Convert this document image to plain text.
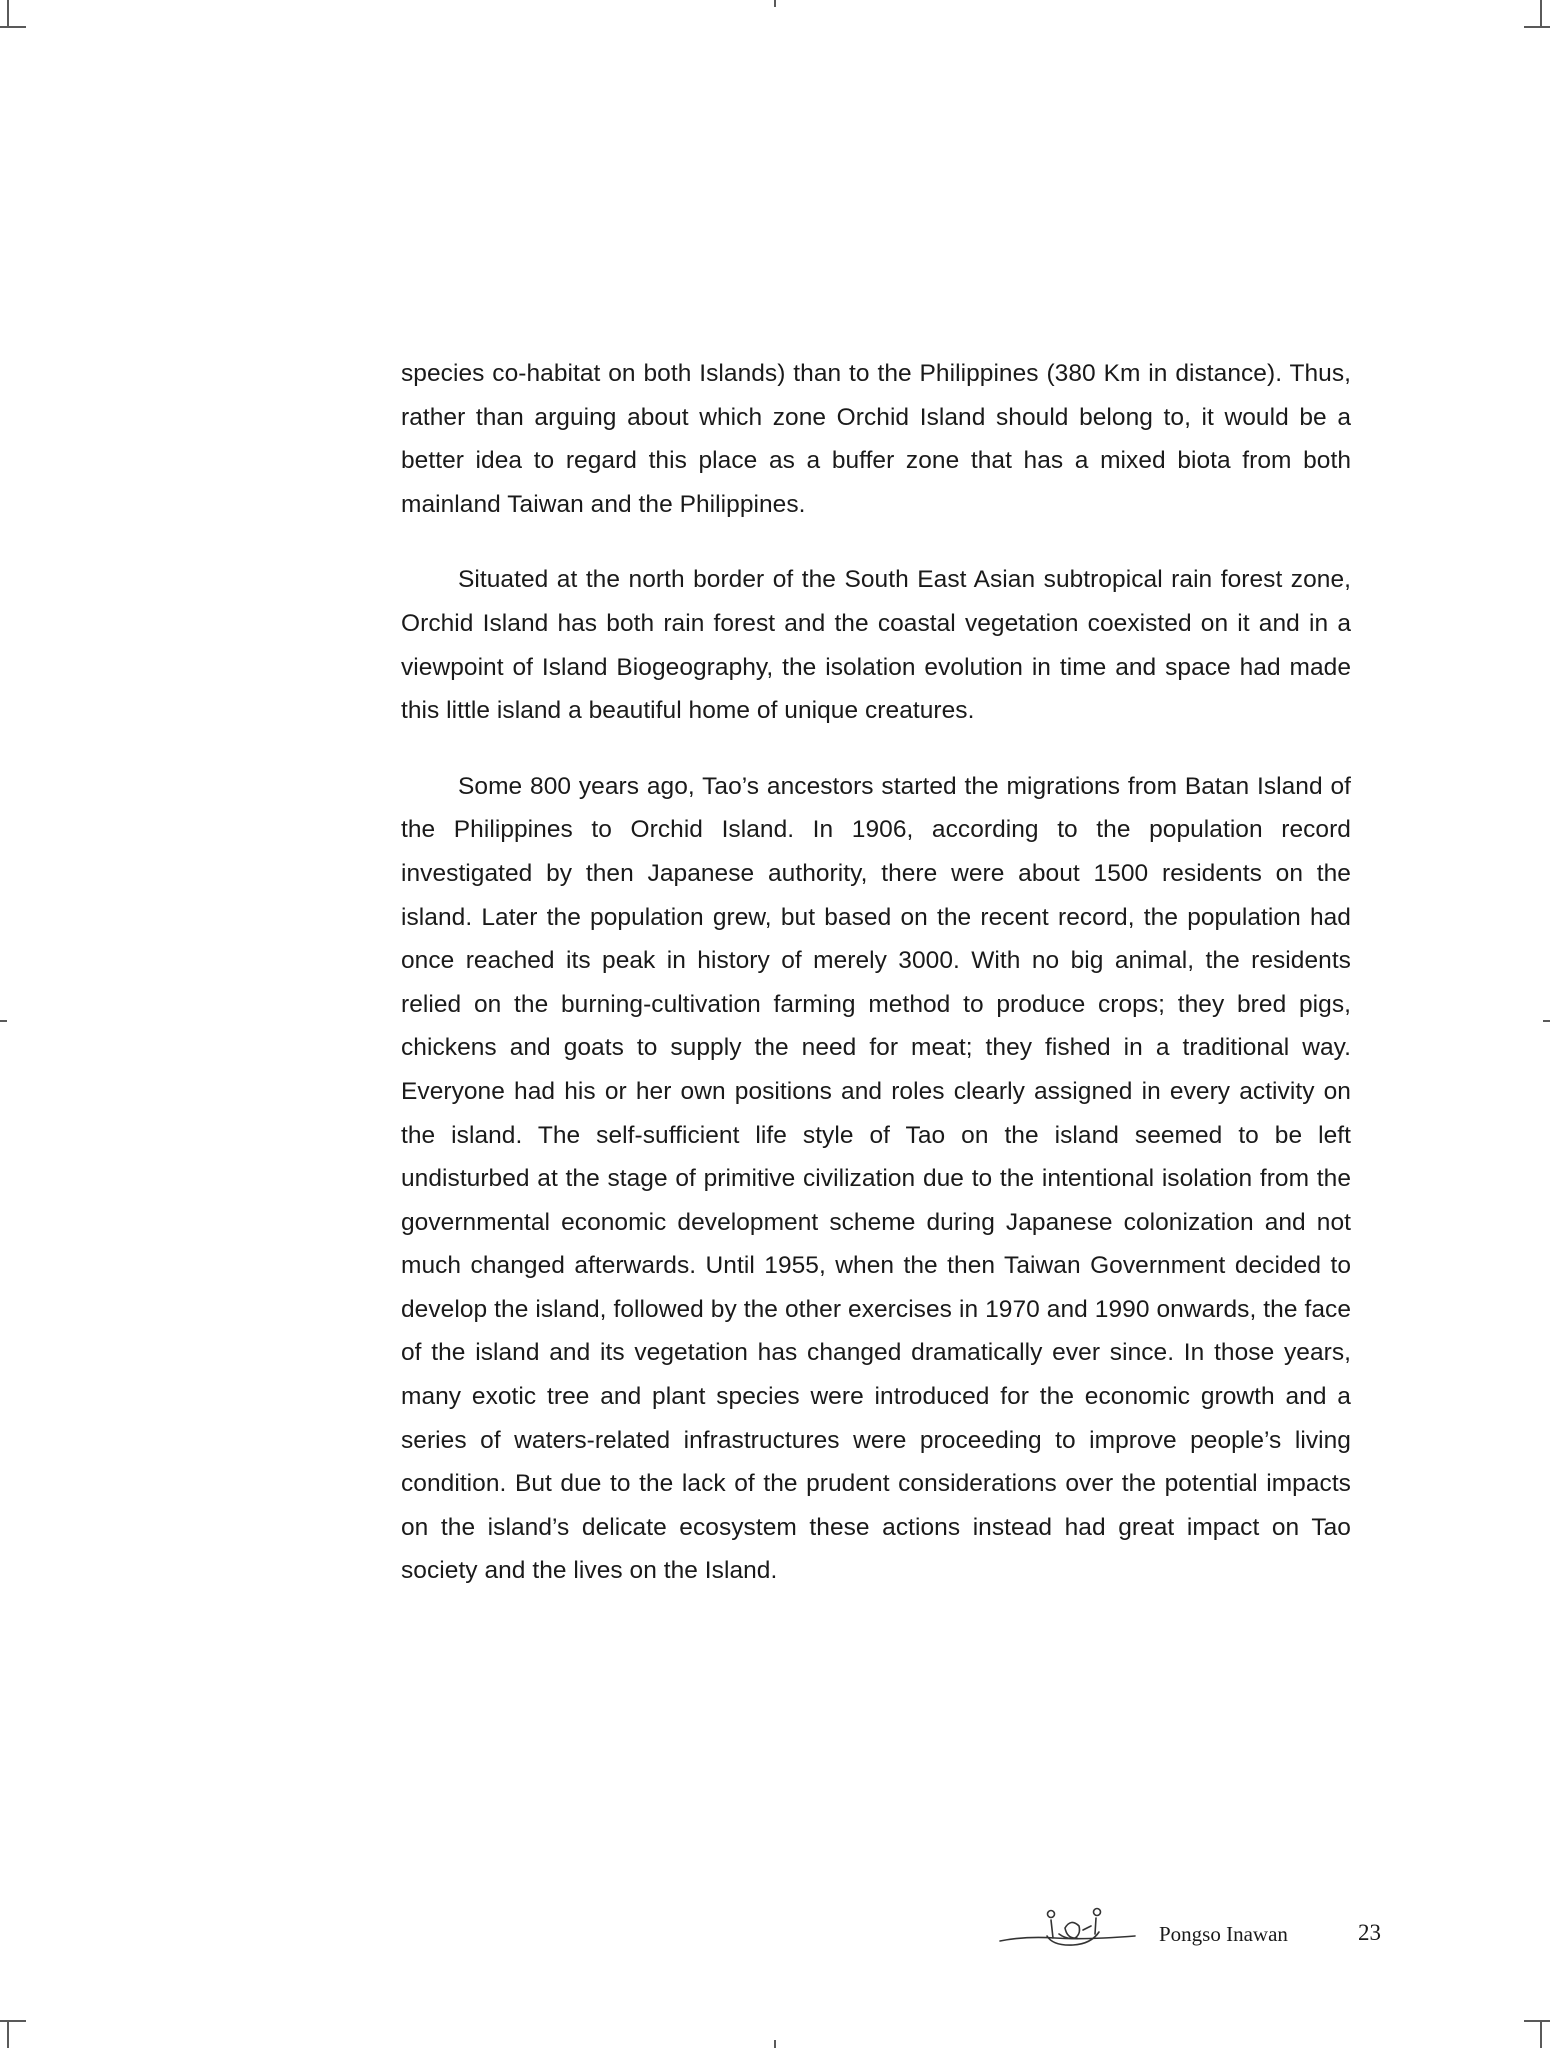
species co-habitat on both Islands) than to the Philippines (380 Km in distance). Thus, rather than arguing about which zone Orchid Island should belong to, it would be a better idea to regard this place as a buffer zone that has a mixed biota from both mainland Taiwan and the Philippines.

Situated at the north border of the South East Asian subtropical rain forest zone, Orchid Island has both rain forest and the coastal vegetation coexisted on it and in a viewpoint of Island Biogeography, the isolation evolution in time and space had made this little island a beautiful home of unique creatures.

Some 800 years ago, Tao’s ancestors started the migrations from Batan Island of the Philippines to Orchid Island. In 1906, according to the population record investigated by then Japanese authority, there were about 1500 residents on the island. Later the population grew, but based on the recent record, the population had once reached its peak in history of merely 3000. With no big animal, the residents relied on the burning-cultivation farming method to produce crops; they bred pigs, chickens and goats to supply the need for meat; they fished in a traditional way. Everyone had his or her own positions and roles clearly assigned in every activity on the island. The self-sufficient life style of Tao on the island seemed to be left undisturbed at the stage of primitive civilization due to the intentional isolation from the governmental economic development scheme during Japanese colonization and not much changed afterwards. Until 1955, when the then Taiwan Government decided to develop the island, followed by the other exercises in 1970 and 1990 onwards, the face of the island and its vegetation has changed dramatically ever since. In those years, many exotic tree and plant species were introduced for the economic growth and a series of waters-related infrastructures were proceeding to improve people’s living condition. But due to the lack of the prudent considerations over the potential impacts on the island’s delicate ecosystem these actions instead had great impact on Tao society and the lives on the Island.

Pongso Inawan	23
